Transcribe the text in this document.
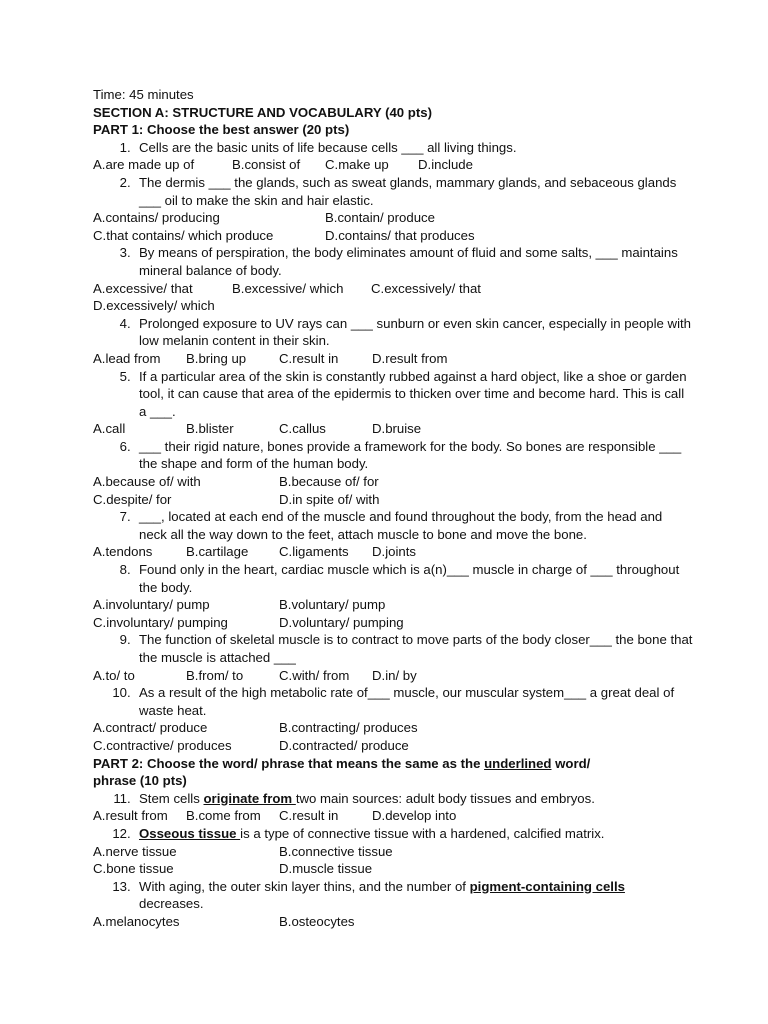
Time: 45 minutes
SECTION A: STRUCTURE AND VOCABULARY (40 pts)
PART 1: Choose the best answer (20 pts)
1. Cells are the basic units of life because cells ___ all living things.
A.are made up of	B.consist of	C.make up	D.include
2. The dermis ___ the glands, such as sweat glands, mammary glands, and sebaceous glands ___ oil to make the skin and hair elastic.
A.contains/ producing	B.contain/ produce
C.that contains/ which produce	D.contains/ that produces
3. By means of perspiration, the body eliminates amount of fluid and some salts, ___ maintains mineral balance of body.
A.excessive/ that	B.excessive/ which	C.excessively/ that
D.excessively/ which
4. Prolonged exposure to UV rays can ___ sunburn or even skin cancer, especially in people with low melanin content in their skin.
A.lead from	B.bring up	C.result in	D.result from
5. If a particular area of the skin is constantly rubbed against a hard object, like a shoe or garden tool, it can cause that area of the epidermis to thicken over time and become hard. This is call a ___.
A.call	B.blister	C.callus	D.bruise
6. ___ their rigid nature, bones provide a framework for the body. So bones are responsible ___ the shape and form of the human body.
A.because of/ with	B.because of/ for
C.despite/ for	D.in spite of/ with
7. ___, located at each end of the muscle and found throughout the body, from the head and neck all the way down to the feet, attach muscle to bone and move the bone.
A.tendons	B.cartilage	C.ligaments	D.joints
8. Found only in the heart, cardiac muscle which is a(n)___ muscle in charge of ___ throughout the body.
A.involuntary/ pump	B.voluntary/ pump
C.involuntary/ pumping	D.voluntary/ pumping
9. The function of skeletal muscle is to contract to move parts of the body closer___ the bone that the muscle is attached ___
A.to/ to	B.from/ to	C.with/ from	D.in/ by
10. As a result of the high metabolic rate of___ muscle, our muscular system___ a great deal of waste heat.
A.contract/ produce	B.contracting/ produces
C.contractive/ produces	D.contracted/ produce
PART 2: Choose the word/ phrase that means the same as the underlined word/
phrase (10 pts)
11. Stem cells originate from two main sources: adult body tissues and embryos.
A.result from	B.come from	C.result in	D.develop into
12. Osseous tissue is a type of connective tissue with a hardened, calcified matrix.
A.nerve tissue	B.connective tissue
C.bone tissue	D.muscle tissue
13. With aging, the outer skin layer thins, and the number of pigment-containing cells decreases.
A.melanocytes	B.osteocytes
